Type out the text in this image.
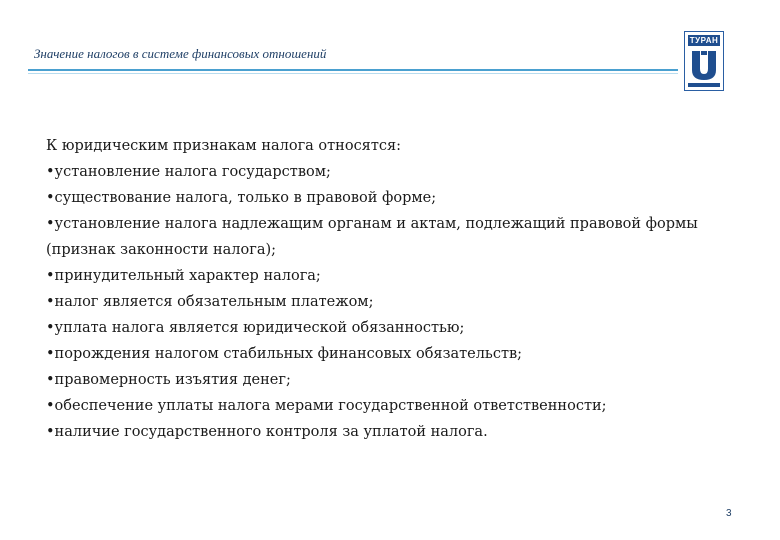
Значение налогов в системе финансовых отношений
ТУРАН
К юридическим признакам налога относятся:
•установление налога государством;
•существование налога, только в правовой форме;
•установление налога надлежащим органам и актам, подлежащий правовой формы (признак законности налога);
•принудительный характер налога;
•налог является обязательным платежом;
•уплата налога является юридической обязанностью;
•порождения налогом стабильных финансовых обязательств;
•правомерность изъятия денег;
•обеспечение уплаты налога мерами государственной ответственности;
•наличие государственного контроля за уплатой налога.
3
